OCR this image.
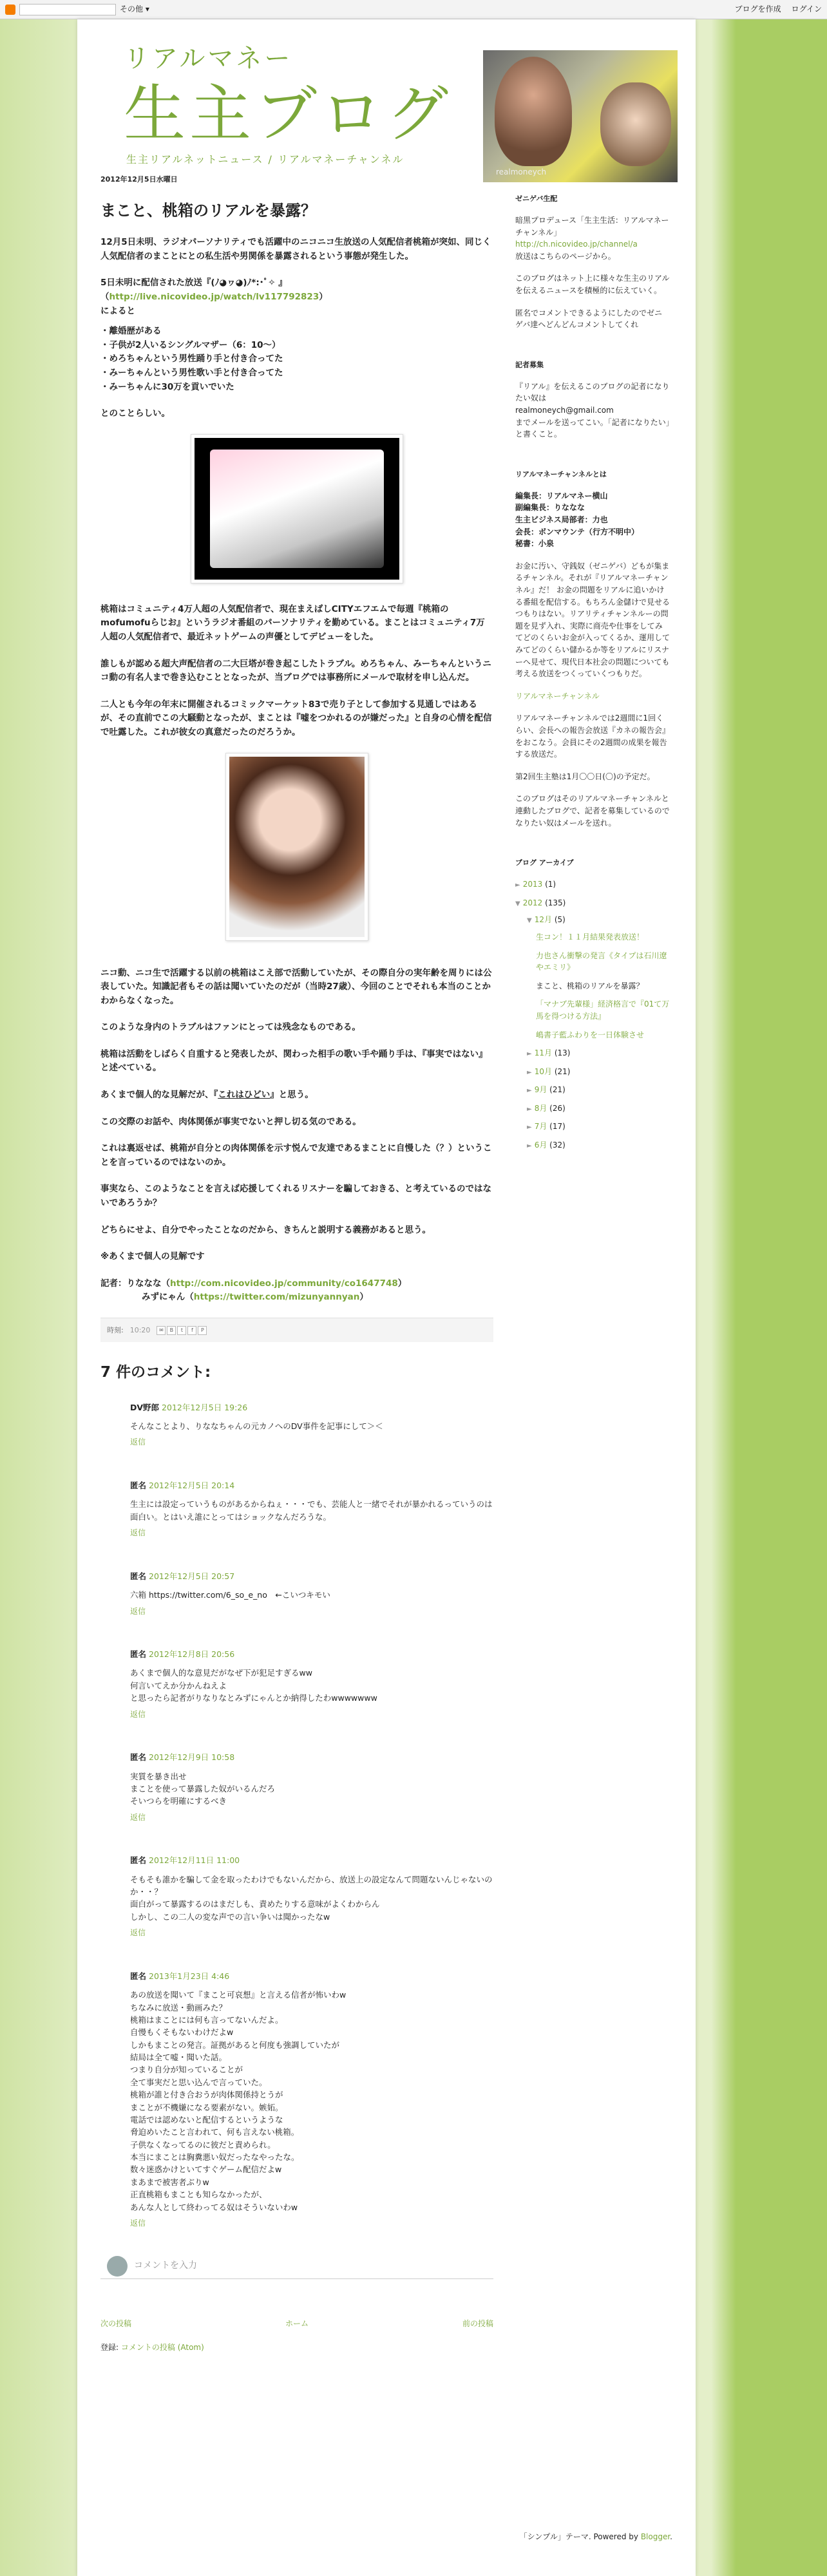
その他 ▾	ブログを作成 ログイン
リアルマネー
生主ブログ
生主リアルネットニュース / リアルマネーチャンネル
realmoneych
2012年12月5日水曜日
まこと、桃箱のリアルを暴露？

12月5日未明、ラジオパーソナリティでも活躍中のニコニコ生放送の人気配信者桃箱が突如、同じく人気配信者のまことにとの私生活や男関係を暴露されるという事態が発生した。

5日未明に配信された放送『(ﾉ◕ヮ◕)ﾉ*:･ﾟ✧ 』
（http://live.nicovideo.jp/watch/lv117792823）
によると

・離婚歴がある
・子供が2人いるシングルマザー（6：10〜）
・めろちゃんという男性踊り手と付き合ってた
・みーちゃんという男性歌い手と付き合ってた
・みーちゃんに30万を貢いでいた

とのことらしい。

桃箱はコミュニティ4万人超の人気配信者で、現在まえばしCITYエフエムで毎週『桃箱のmofumofuらじお』というラジオ番組のパーソナリティを勤めている。まことはコミュニティ7万人超の人気配信者で、最近ネットゲームの声優としてデビューをした。

誰しもが認める超大声配信者の二大巨塔が巻き起こしたトラブル。めろちゃん、みーちゃんというニコ動の有名人まで巻き込むこととなったが、当ブログでは事務所にメールで取材を申し込んだ。

二人とも今年の年末に開催されるコミックマーケット83で売り子として参加する見通しではあるが、その直前でこの大騒動となったが、まことは『嘘をつかれるのが嫌だった』と自身の心情を配信で吐露した。これが彼女の真意だったのだろうか。

ニコ動、ニコ生で活躍する以前の桃箱はこえ部で活動していたが、その際自分の実年齢を周りには公表していた。知識記者もその話は聞いていたのだが（当時27歳）、今回のことでそれも本当のことかわからなくなった。

このような身内のトラブルはファンにとっては残念なものである。

桃箱は活動をしばらく自重すると発表したが、関わった相手の歌い手や踊り手は、『事実ではない』と述べている。

あくまで個人的な見解だが、『これはひどい』と思う。

この交際のお話や、肉体関係が事実でないと押し切る気のである。

これは裏返せば、桃箱が自分との肉体関係を示す悦んで友達であるまことに自慢した（？）ということを言っているのではないのか。

事実なら、このようなことを言えば応援してくれるリスナーを騙しておきる、と考えているのではないであろうか？

どちらにせよ、自分でやったことなのだから、きちんと説明する義務があると思う。

※あくまで個人の見解です

記者：りななな（http://com.nicovideo.jp/community/co1647748）
みずにゃん（https://twitter.com/mizunyannyan）

時刻: 10:20	✉	B	t	f	P
7 件のコメント:
DV野郎 2012年12月5日 19:26
そんなことより、りななちゃんの元カノへのDV事件を記事にして＞＜
返信
匿名 2012年12月5日 20:14
生主には設定っていうものがあるからねぇ・・・でも、芸能人と一緒でそれが暴かれるっていうのは面白い。とはいえ誰にとってはショックなんだろうな。
返信
匿名 2012年12月5日 20:57
六箱 https://twitter.com/6_so_e_no　←こいつキモい
返信
匿名 2012年12月8日 20:56
あくまで個人的な意見だがなぜ下が犯足すぎるww
何言いてえか分かんねえよ
と思ったら記者がりなりなとみずにゃんとか納得したわwwwwwww
返信
匿名 2012年12月9日 10:58
実質を暴き出せ
まことを使って暴露した奴がいるんだろ
そいつらを明確にするべき
返信
匿名 2012年12月11日 11:00
そもそも誰かを騙して金を取ったわけでもないんだから、放送上の設定なんて問題ないんじゃないのか・・？
面白がって暴露するのはまだしも、責めたりする意味がよくわからん
しかし、この二人の変な声での言い争いは聞かったなw
返信
匿名 2013年1月23日 4:46
あの放送を聞いて『まこと可哀想』と言える信者が怖いわw
ちなみに放送・動画みた？
桃箱はまことには何も言ってないんだよ。
自慢もくそもないわけだよw
しかもまことの発言。証拠があると何度も強調していたが
結局は全て嘘・聞いた話。
つまり自分が知っていることが
全て事実だと思い込んで言っていた。
桃箱が誰と付き合おうが肉体関係持とうが
まことが不機嫌になる要素がない。嫉妬。
電話では認めないと配信するというような
脅迫めいたこと言われて、何も言えない桃箱。
子供なくなってるのに彼だと責められ。
本当にまことは胸糞悪い奴だったなやったな。
数々迷惑かけといてすぐゲーム配信だよw
まあまで被害者ぶりw
正直桃箱もまことも知らなかったが、
あんな人として終わってる奴はそういないわw
返信
コメントを入力
次の投稿	ホーム	前の投稿
登録: コメントの投稿 (Atom)
ゼニゲバ生配

暗黒プロデュース「生主生活：リアルマネーチャンネル」
http://ch.nicovideo.jp/channel/a
放送はこちらのページから。

このブログはネット上に様々な生主のリアルを伝えるニュースを積極的に伝えていく。

匿名でコメントできるようにしたのでゼニゲバ達ヘどんどんコメントしてくれ

記者募集

『リアル』を伝えるこのブログの記者になりたい奴は
realmoneych@gmail.com
までメールを送ってこい。「記者になりたい」と書くこと。

リアルマネーチャンネルとは

編集長：リアルマネー横山
副編集長：りななな
生主ビジネス局部者：力也
会長：ボンマウンテ（行方不明中）
秘書：小泉

お金に汚い、守銭奴（ゼニゲバ）どもが集まるチャンネル。それが『リアルマネーチャンネル』だ！ お金の問題をリアルに追いかける番組を配信する。もちろん金儲けで見せるつもりはない。リアリティチャンネルーの問題を見ず入れ、実際に商売や仕事をしてみてどのくらいお金が入ってくるか、運用してみてどのくらい儲かるか等をリアルにリスナーへ見せて、現代日本社会の問題についても考える放送をつくっていくつもりだ。

リアルマネーチャンネル

リアルマネーチャンネルでは2週間に1回くらい、会長への報告会放送『カネの報告会』をおこなう。会員にその2週間の成果を報告する放送だ。

第2回生主塾は1月〇〇日(〇)の予定だ。

このブログはそのリアルマネーチャンネルと連動したブログで、記者を募集しているのでなりたい奴はメールを送れ。

ブログ アーカイブ
► 2013 (1)
▼ 2012 (135)
▼ 12月 (5)
生コン！１１月結果発表放送！
力也さん衝撃の発言《タイプは石川遼やエミリ》
まこと、桃箱のリアルを暴露？
「マナブ先輩様」経済格言で『01て万馬を得つける方法』
嶋書子藍ふわりを一日体験させ
► 11月 (13)
► 10月 (21)
► 9月 (21)
► 8月 (26)
► 7月 (17)
► 6月 (32)
「シンプル」テーマ. Powered by Blogger.
